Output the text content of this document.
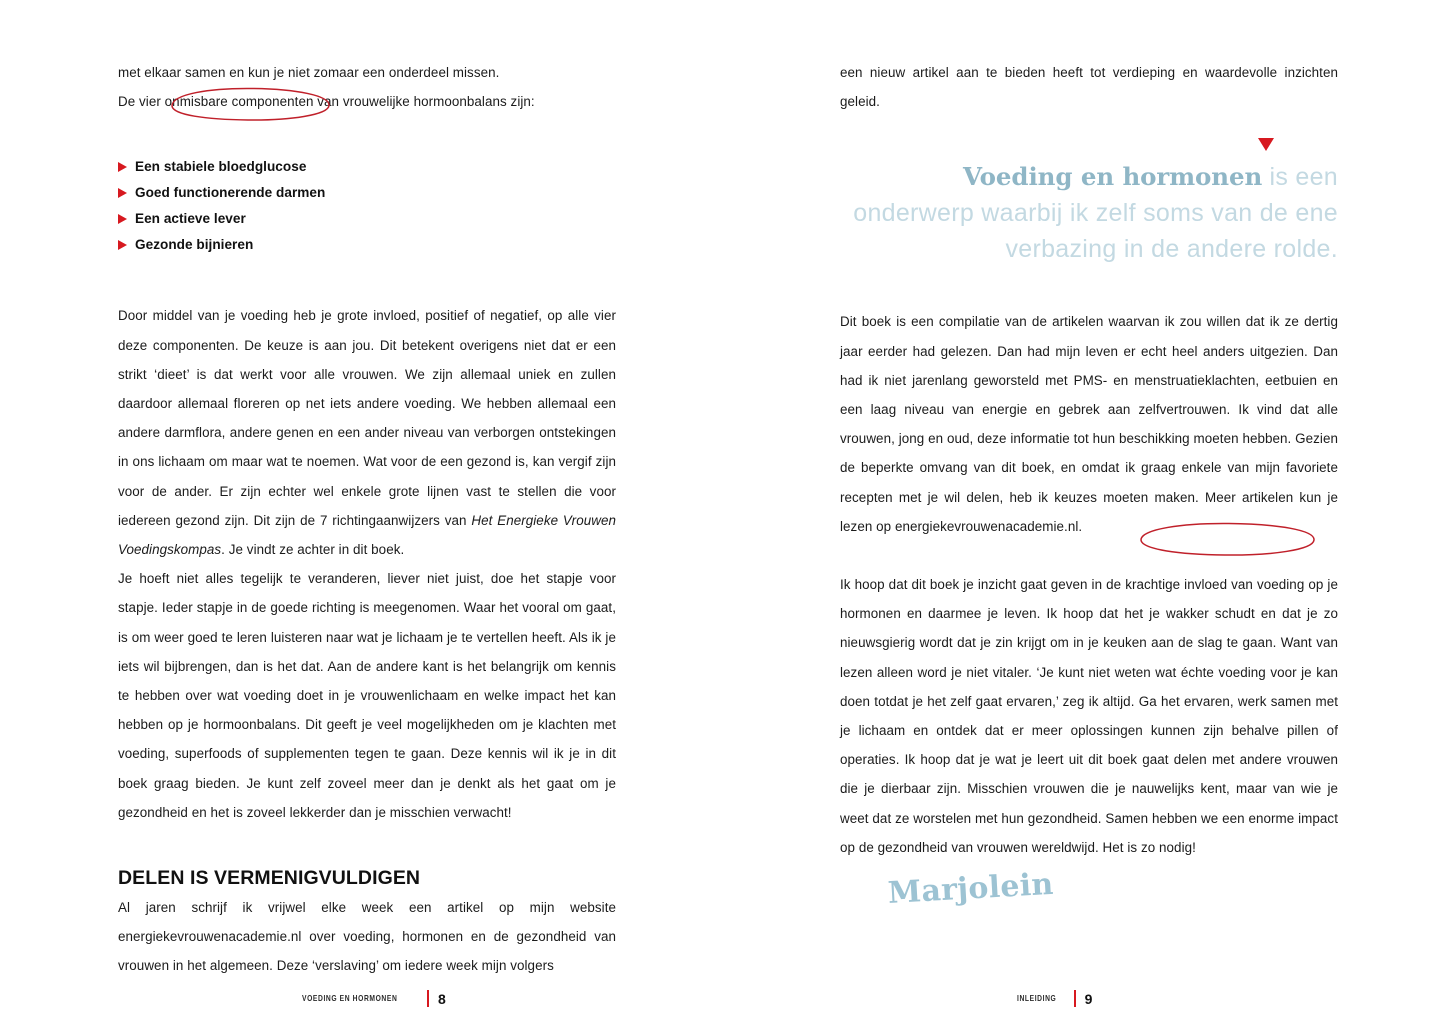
met elkaar samen en kun je niet zomaar een onderdeel missen.

De vier onmisbare componenten van vrouwelijke hormoonbalans zijn:

Een stabiele bloedglucose
Goed functionerende darmen
Een actieve lever
Gezonde bijnieren

Door middel van je voeding heb je grote invloed, positief of negatief, op alle vier deze componenten. De keuze is aan jou. Dit betekent overigens niet dat er een strikt ‘dieet’ is dat werkt voor alle vrouwen. We zijn allemaal uniek en zullen daardoor allemaal floreren op net iets andere voeding. We hebben allemaal een andere darmflora, andere genen en een ander niveau van verborgen ontstekingen in ons lichaam om maar wat te noemen. Wat voor de een gezond is, kan vergif zijn voor de ander. Er zijn echter wel enkele grote lijnen vast te stellen die voor iedereen gezond zijn. Dit zijn de 7 richtingaanwijzers van Het Energieke Vrouwen Voedingskompas. Je vindt ze achter in dit boek.

Je hoeft niet alles tegelijk te veranderen, liever niet juist, doe het stapje voor stapje. Ieder stapje in de goede richting is meegenomen. Waar het vooral om gaat, is om weer goed te leren luisteren naar wat je lichaam je te vertellen heeft. Als ik je iets wil bijbrengen, dan is het dat. Aan de andere kant is het belangrijk om kennis te hebben over wat voeding doet in je vrouwenlichaam en welke impact het kan hebben op je hormoonbalans. Dit geeft je veel mogelijkheden om je klachten met voeding, superfoods of supplementen tegen te gaan. Deze kennis wil ik je in dit boek graag bieden. Je kunt zelf zoveel meer dan je denkt als het gaat om je gezondheid en het is zoveel lekkerder dan je misschien verwacht!

DELEN IS VERMENIGVULDIGEN

Al jaren schrijf ik vrijwel elke week een artikel op mijn website energiekevrouwenacademie.nl over voeding, hormonen en de gezondheid van vrouwen in het algemeen. Deze ‘verslaving’ om iedere week mijn volgers

VOEDING EN HORMONEN	8

een nieuw artikel aan te bieden heeft tot verdieping en waardevolle inzichten geleid.

Voeding en hormonen is een onderwerp waarbij ik zelf soms van de ene verbazing in de andere rolde.

Dit boek is een compilatie van de artikelen waarvan ik zou willen dat ik ze dertig jaar eerder had gelezen. Dan had mijn leven er echt heel anders uitgezien. Dan had ik niet jarenlang geworsteld met PMS- en menstruatieklachten, eetbuien en een laag niveau van energie en gebrek aan zelfvertrouwen. Ik vind dat alle vrouwen, jong en oud, deze informatie tot hun beschikking moeten hebben. Gezien de beperkte omvang van dit boek, en omdat ik graag enkele van mijn favoriete recepten met je wil delen, heb ik keuzes moeten maken. Meer artikelen kun je lezen op energiekevrouwenacademie.nl.

Ik hoop dat dit boek je inzicht gaat geven in de krachtige invloed van voeding op je hormonen en daarmee je leven. Ik hoop dat het je wakker schudt en dat je zo nieuwsgierig wordt dat je zin krijgt om in je keuken aan de slag te gaan. Want van lezen alleen word je niet vitaler. ‘Je kunt niet weten wat échte voeding voor je kan doen totdat je het zelf gaat ervaren,’ zeg ik altijd. Ga het ervaren, werk samen met je lichaam en ontdek dat er meer oplossingen kunnen zijn behalve pillen of operaties. Ik hoop dat je wat je leert uit dit boek gaat delen met andere vrouwen die je dierbaar zijn. Misschien vrouwen die je nauwelijks kent, maar van wie je weet dat ze worstelen met hun gezondheid. Samen hebben we een enorme impact op de gezondheid van vrouwen wereldwijd. Het is zo nodig!

Marjolein
INLEIDING 9
